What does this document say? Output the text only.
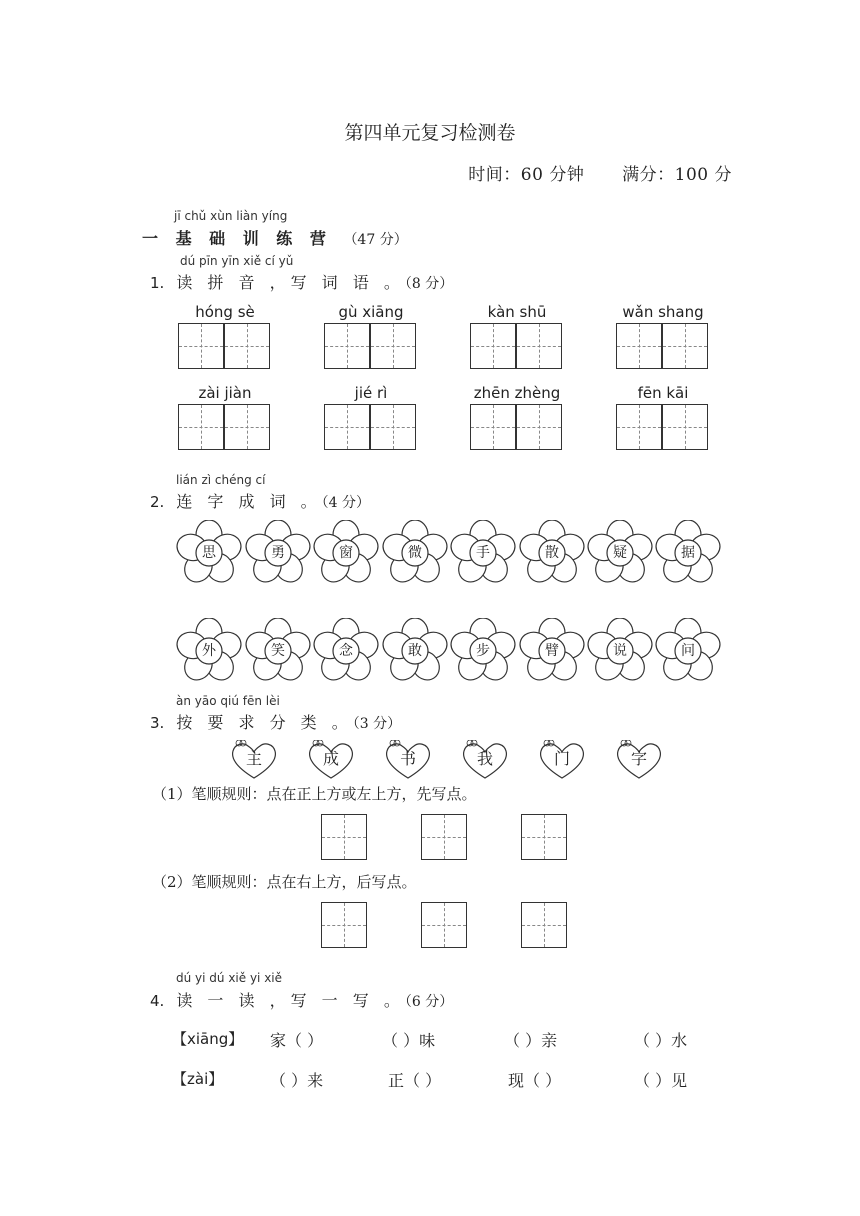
第四单元复习检测卷
时间：60 分钟 满分：100 分
jī chǔ xùn liàn yíng
一 基 础 训 练 营 （47 分）
dú pīn yīn xiě cí yǔ
1. 读 拼 音 ，写 词 语 。（8 分）
hóng sè	gù xiāng	kàn shū	wǎn shang
zài jiàn	jié rì	zhēn zhèng	fēn kāi
lián zì chéng cí
2. 连 字 成 词 。（4 分）
思	勇	窗	微	手	散	疑	据
外	笑	念	敢	步	臂	说	问
àn yāo qiú fēn lèi
3. 按 要 求 分 类 。（3 分）
主	成	书	我	门	字
（1）笔顺规则：点在正上方或左上方，先写点。
（2）笔顺规则：点在右上方，后写点。
dú yi dú xiě yi xiě
4. 读 一 读 ，写 一 写 。（6 分）
【xiāng】 家（ ）	（ ）味	（ ）亲	（ ）水
【zài】	（ ）来	正（ ）	现（ ）	（ ）见
